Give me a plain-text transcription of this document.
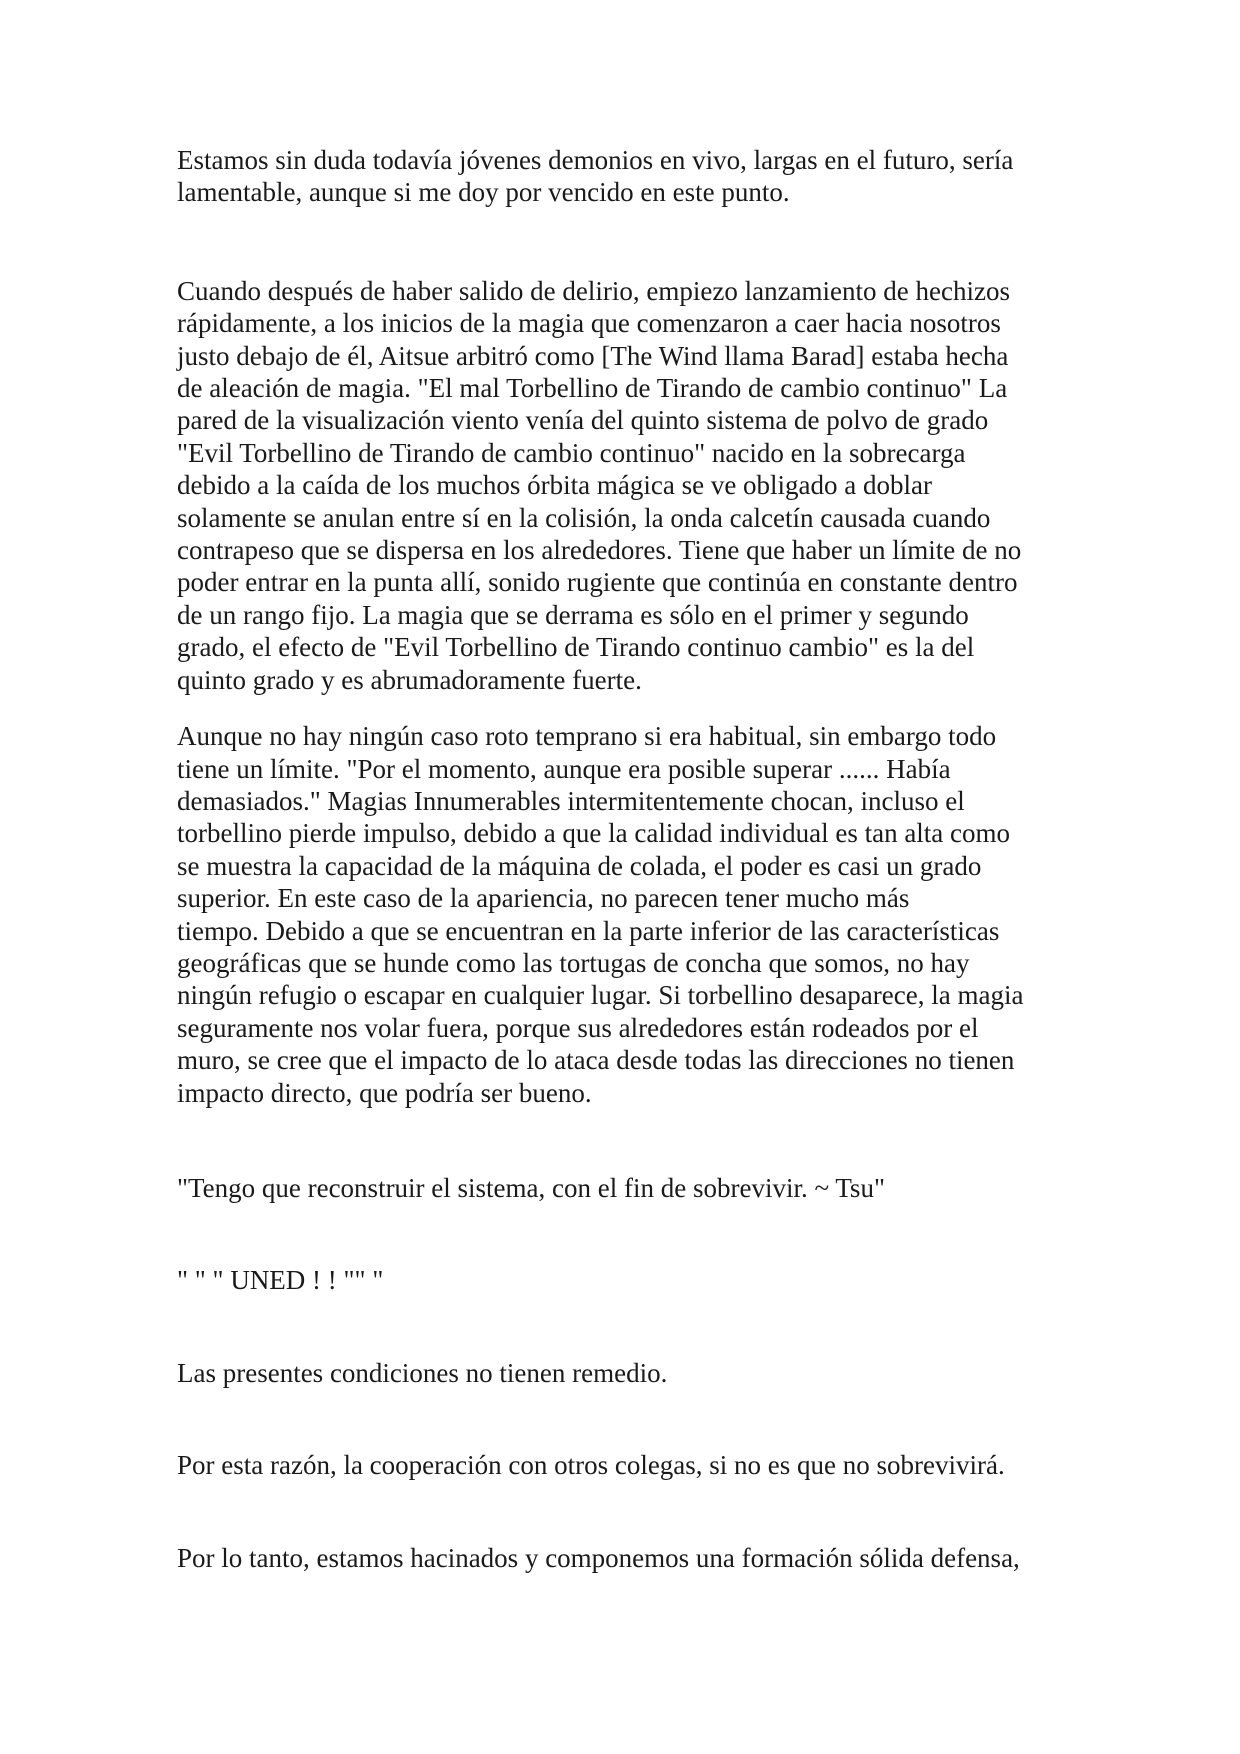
Estamos sin duda todavía jóvenes demonios en vivo, largas en el futuro, sería
lamentable, aunque si me doy por vencido en este punto.

Cuando después de haber salido de delirio, empiezo lanzamiento de hechizos
rápidamente, a los inicios de la magia que comenzaron a caer hacia nosotros
justo debajo de él, Aitsue arbitró como [The Wind llama Barad] estaba hecha
de aleación de magia. "El mal Torbellino de Tirando de cambio continuo" La
pared de la visualización viento venía del quinto sistema de polvo de grado
"Evil Torbellino de Tirando de cambio continuo" nacido en la sobrecarga
debido a la caída de los muchos órbita mágica se ve obligado a doblar
solamente se anulan entre sí en la colisión, la onda calcetín causada cuando
contrapeso que se dispersa en los alrededores. Tiene que haber un límite de no
poder entrar en la punta allí, sonido rugiente que continúa en constante dentro
de un rango fijo. La magia que se derrama es sólo en el primer y segundo
grado, el efecto de "Evil Torbellino de Tirando continuo cambio" es la del
quinto grado y es abrumadoramente fuerte.

Aunque no hay ningún caso roto temprano si era habitual, sin embargo todo
tiene un límite. "Por el momento, aunque era posible superar ...... Había
demasiados." Magias Innumerables intermitentemente chocan, incluso el
torbellino pierde impulso, debido a que la calidad individual es tan alta como
se muestra la capacidad de la máquina de colada, el poder es casi un grado
superior. En este caso de la apariencia, no parecen tener mucho más
tiempo. Debido a que se encuentran en la parte inferior de las características
geográficas que se hunde como las tortugas de concha que somos, no hay
ningún refugio o escapar en cualquier lugar. Si torbellino desaparece, la magia
seguramente nos volar fuera, porque sus alrededores están rodeados por el
muro, se cree que el impacto de lo ataca desde todas las direcciones no tienen
impacto directo, que podría ser bueno.

"Tengo que reconstruir el sistema, con el fin de sobrevivir. ~ Tsu"

" " " UNED ! ! "" "

Las presentes condiciones no tienen remedio.

Por esta razón, la cooperación con otros colegas, si no es que no sobrevivirá.

Por lo tanto, estamos hacinados y componemos una formación sólida defensa,
